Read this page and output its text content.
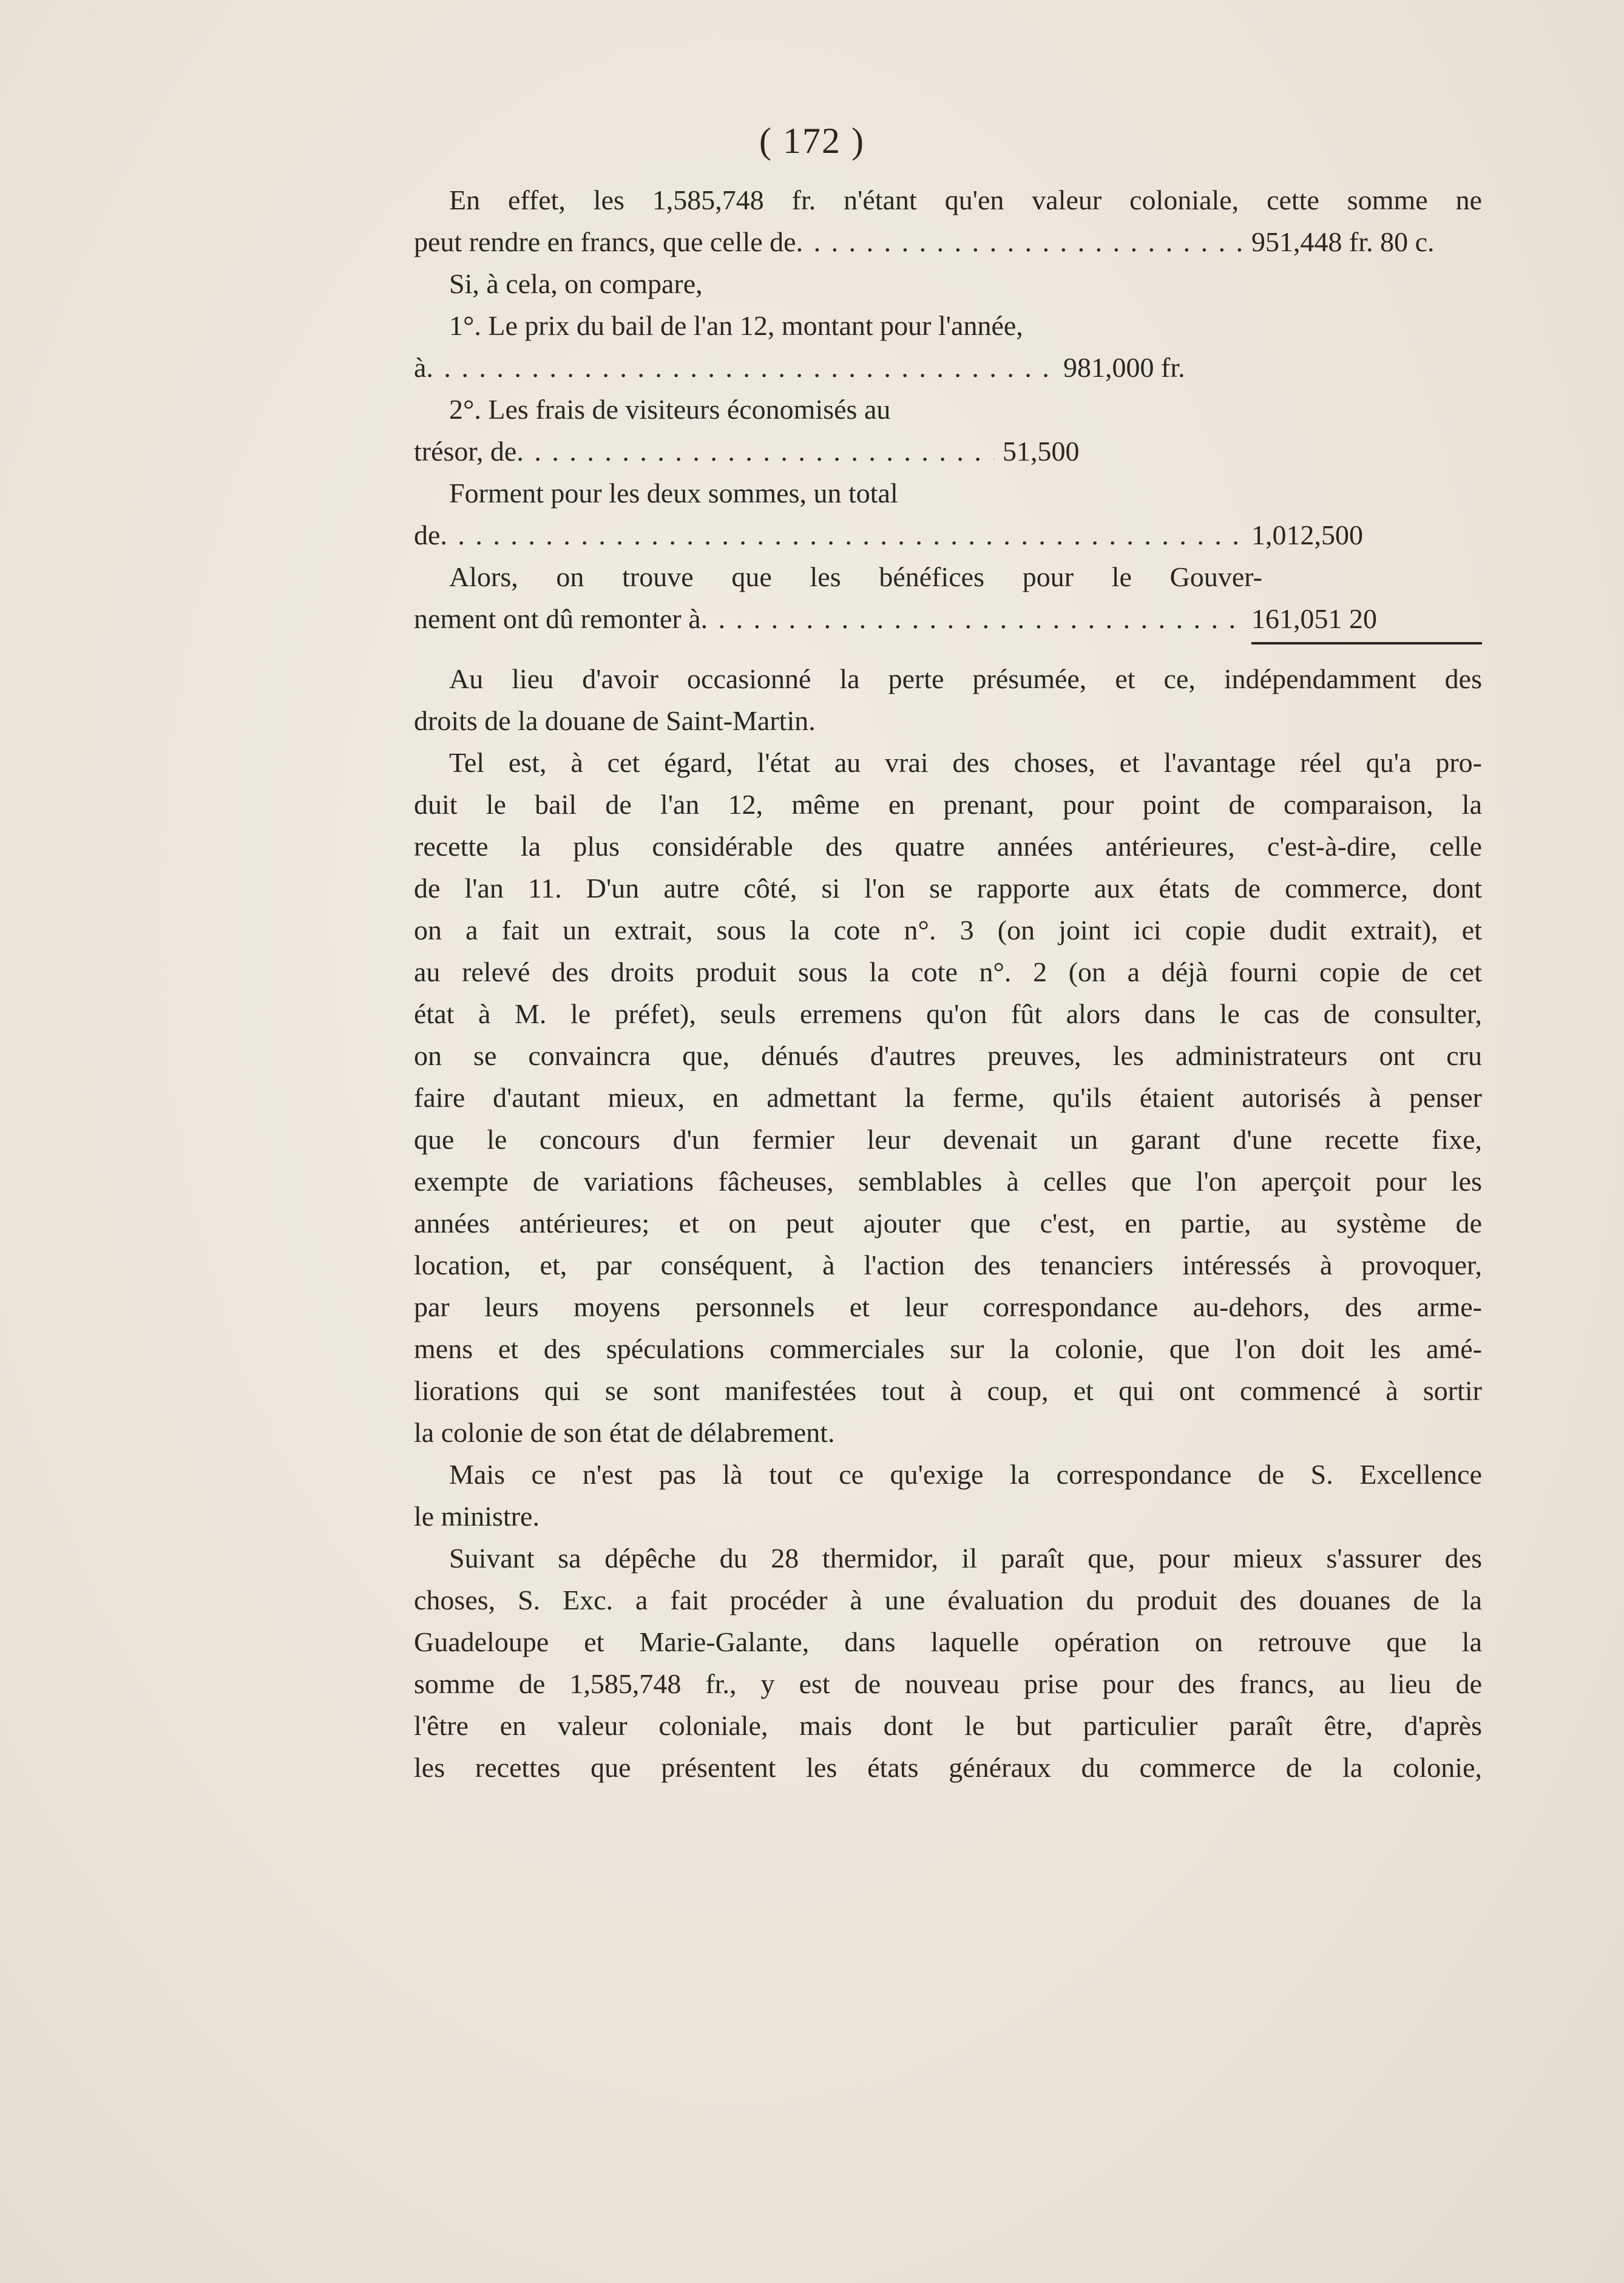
( 172 )
En effet, les 1,585,748 fr. n'étant qu'en valeur coloniale, cette somme ne
peut rendre en francs, que celle de . . .	951,448 fr. 80 c.
Si, à cela, on compare,
1°. Le prix du bail de l'an 12, montant pour l'année,
à . . .	981,000 fr.
2°. Les frais de visiteurs économisés au
trésor, de . . .	51,500
Forment pour les deux sommes, un total
de . . .	1,012,500
Alors, on trouve que les bénéfices pour le Gouver-
nement ont dû remonter à . . .	161,051 20
Au lieu d'avoir occasionné la perte présumée, et ce, indépendamment des
droits de la douane de Saint-Martin.
Tel est, à cet égard, l'état au vrai des choses, et l'avantage réel qu'a pro-
duit le bail de l'an 12, même en prenant, pour point de comparaison, la
recette la plus considérable des quatre années antérieures, c'est-à-dire, celle
de l'an 11. D'un autre côté, si l'on se rapporte aux états de commerce, dont
on a fait un extrait, sous la cote n°. 3 (on joint ici copie dudit extrait), et
au relevé des droits produit sous la cote n°. 2 (on a déjà fourni copie de cet
état à M. le préfet), seuls erremens qu'on fût alors dans le cas de consulter,
on se convaincra que, dénués d'autres preuves, les administrateurs ont cru
faire d'autant mieux, en admettant la ferme, qu'ils étaient autorisés à penser
que le concours d'un fermier leur devenait un garant d'une recette fixe,
exempte de variations fâcheuses, semblables à celles que l'on aperçoit pour les
années antérieures; et on peut ajouter que c'est, en partie, au système de
location, et, par conséquent, à l'action des tenanciers intéressés à provoquer,
par leurs moyens personnels et leur correspondance au-dehors, des arme-
mens et des spéculations commerciales sur la colonie, que l'on doit les amé-
liorations qui se sont manifestées tout à coup, et qui ont commencé à sortir
la colonie de son état de délabrement.
Mais ce n'est pas là tout ce qu'exige la correspondance de S. Excellence
le ministre.
Suivant sa dépêche du 28 thermidor, il paraît que, pour mieux s'assurer des
choses, S. Exc. a fait procéder à une évaluation du produit des douanes de la
Guadeloupe et Marie-Galante, dans laquelle opération on retrouve que la
somme de 1,585,748 fr., y est de nouveau prise pour des francs, au lieu de
l'être en valeur coloniale, mais dont le but particulier paraît être, d'après
les recettes que présentent les états généraux du commerce de la colonie,
